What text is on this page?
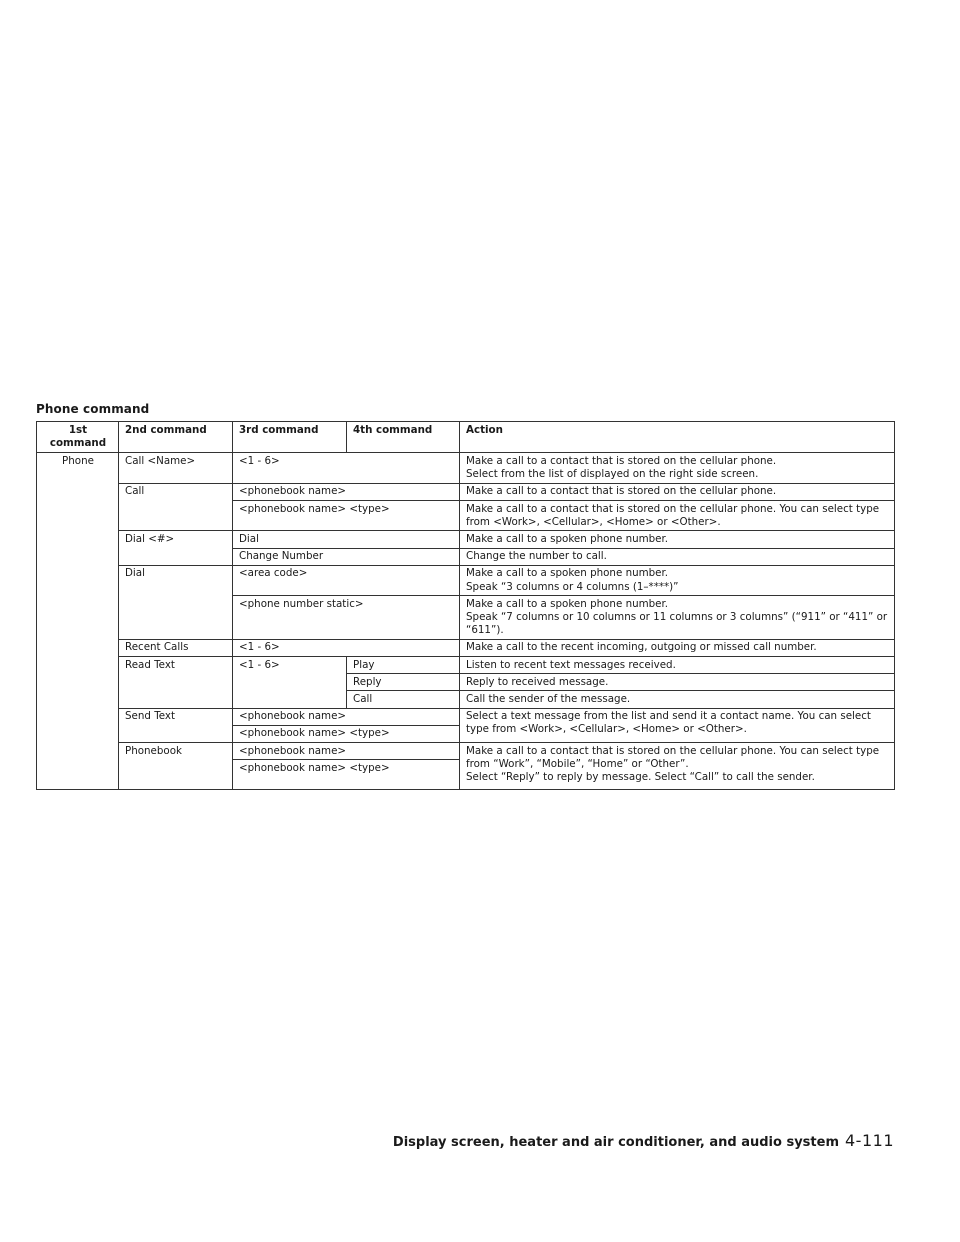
Phone command
1st command	2nd command	3rd command	4th command	Action
Phone	Call <Name>	<1 - 6>		Make a call to a contact that is stored on the cellular phone.
Select from the list of displayed on the right side screen.
	Call	<phonebook name>		Make a call to a contact that is stored on the cellular phone.
		<phonebook name> <type>		Make a call to a contact that is stored on the cellular phone. You can select type from <Work>, <Cellular>, <Home> or <Other>.
	Dial <#>	Dial		Make a call to a spoken phone number.
		Change Number		Change the number to call.
	Dial	<area code>		Make a call to a spoken phone number.
Speak “3 columns or 4 columns (1–****)”
		<phone number static>		Make a call to a spoken phone number.
Speak “7 columns or 10 columns or 11 columns or 3 columns” (“911” or “411” or “611”).
	Recent Calls	<1 - 6>		Make a call to the recent incoming, outgoing or missed call number.
	Read Text	<1 - 6>	Play	Listen to recent text messages received.
			Reply	Reply to received message.
			Call	Call the sender of the message.
	Send Text	<phonebook name>		Select a text message from the list and send it a contact name. You can select type from <Work>, <Cellular>, <Home> or <Other>.
		<phonebook name> <type>		
	Phonebook	<phonebook name>		Make a call to a contact that is stored on the cellular phone. You can select type from “Work”, “Mobile”, “Home” or “Other”.
Select “Reply” to reply by message. Select “Call” to call the sender.
		<phonebook name> <type>		
Display screen, heater and air conditioner, and audio system 4-111
